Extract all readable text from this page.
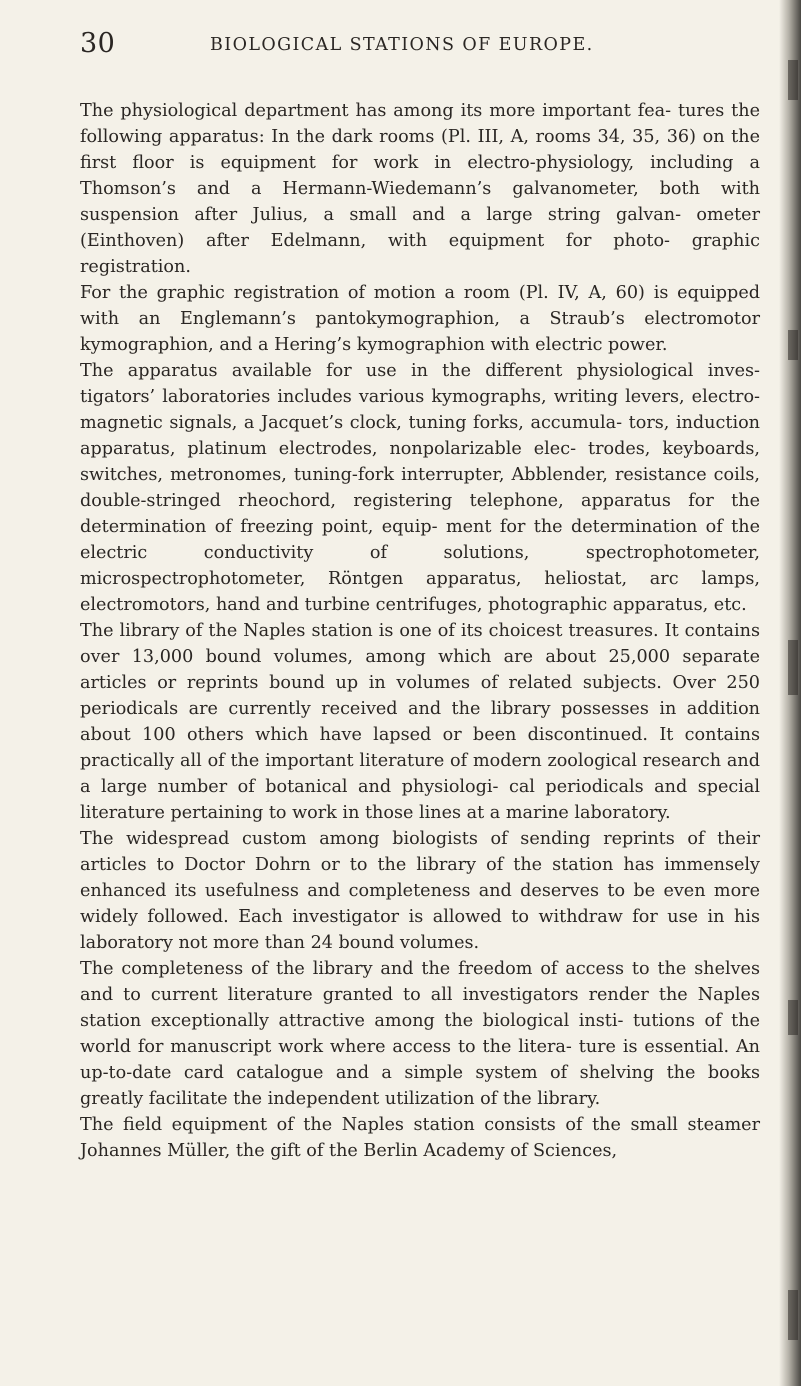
30	BIOLOGICAL STATIONS OF EUROPE.

The physiological department has among its more important fea- tures the following apparatus: In the dark rooms (Pl. III, A, rooms 34, 35, 36) on the first floor is equipment for work in electro-physiology, including a Thomson’s and a Hermann-Wiedemann’s galvanometer, both with suspension after Julius, a small and a large string galvan- ometer (Einthoven) after Edelmann, with equipment for photo- graphic registration.

For the graphic registration of motion a room (Pl. IV, A, 60) is equipped with an Englemann’s pantokymographion, a Straub’s electromotor kymographion, and a Hering’s kymographion with electric power.

The apparatus available for use in the different physiological inves- tigators’ laboratories includes various kymographs, writing levers, electro-magnetic signals, a Jacquet’s clock, tuning forks, accumula- tors, induction apparatus, platinum electrodes, nonpolarizable elec- trodes, keyboards, switches, metronomes, tuning-fork interrupter, Abblender, resistance coils, double-stringed rheochord, registering telephone, apparatus for the determination of freezing point, equip- ment for the determination of the electric conductivity of solutions, spectrophotometer, microspectrophotometer, Röntgen apparatus, heliostat, arc lamps, electromotors, hand and turbine centrifuges, photographic apparatus, etc.

The library of the Naples station is one of its choicest treasures. It contains over 13,000 bound volumes, among which are about 25,000 separate articles or reprints bound up in volumes of related subjects. Over 250 periodicals are currently received and the library possesses in addition about 100 others which have lapsed or been discontinued. It contains practically all of the important literature of modern zoological research and a large number of botanical and physiologi- cal periodicals and special literature pertaining to work in those lines at a marine laboratory.

The widespread custom among biologists of sending reprints of their articles to Doctor Dohrn or to the library of the station has immensely enhanced its usefulness and completeness and deserves to be even more widely followed. Each investigator is allowed to withdraw for use in his laboratory not more than 24 bound volumes.

The completeness of the library and the freedom of access to the shelves and to current literature granted to all investigators render the Naples station exceptionally attractive among the biological insti- tutions of the world for manuscript work where access to the litera- ture is essential. An up-to-date card catalogue and a simple system of shelving the books greatly facilitate the independent utilization of the library.

The field equipment of the Naples station consists of the small steamer Johannes Müller, the gift of the Berlin Academy of Sciences,
